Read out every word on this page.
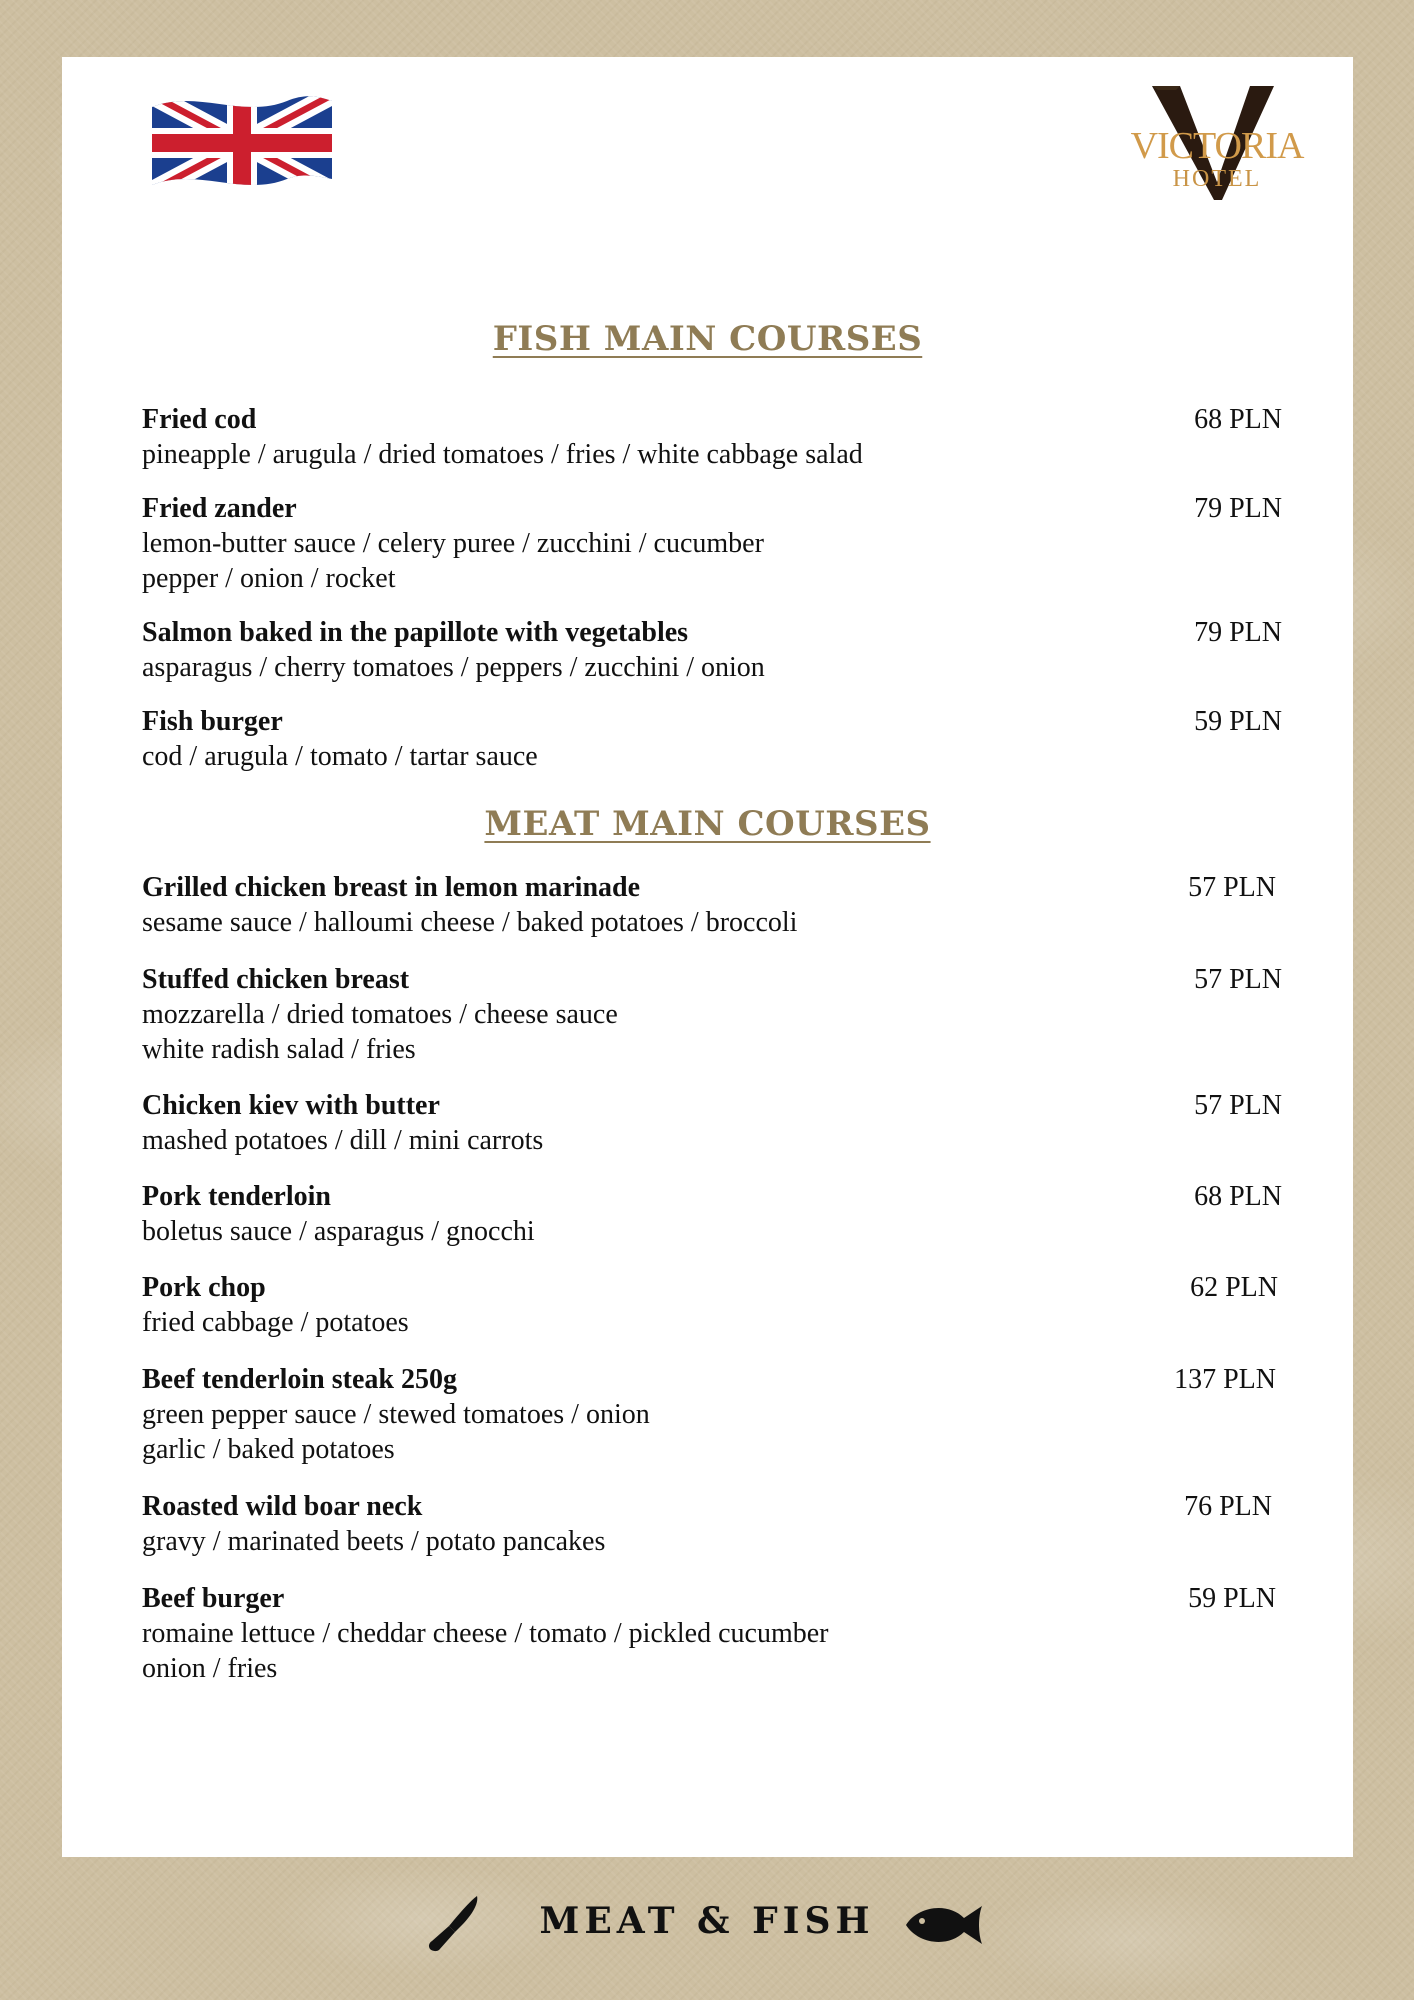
VICTORIA
HOTEL
FISH MAIN COURSES
Fried cod
pineapple / arugula / dried tomatoes / fries / white cabbage salad
68 PLN
Fried zander
lemon-butter sauce / celery puree / zucchini / cucumber
pepper / onion / rocket
79 PLN
Salmon baked in the papillote with vegetables
asparagus / cherry tomatoes / peppers / zucchini / onion
79 PLN
Fish burger
cod / arugula / tomato / tartar sauce
59 PLN
MEAT MAIN COURSES
Grilled chicken breast in lemon marinade
sesame sauce / halloumi cheese / baked potatoes / broccoli
57 PLN
Stuffed chicken breast
mozzarella / dried tomatoes / cheese sauce
white radish salad / fries
57 PLN
Chicken kiev with butter
mashed potatoes / dill / mini carrots
57 PLN
Pork tenderloin
boletus sauce / asparagus / gnocchi
68 PLN
Pork chop
fried cabbage / potatoes
62 PLN
Beef tenderloin steak 250g
green pepper sauce / stewed tomatoes / onion
garlic / baked potatoes
137 PLN
Roasted wild boar neck
gravy / marinated beets / potato pancakes
76 PLN
Beef burger
romaine lettuce / cheddar cheese / tomato / pickled cucumber
onion / fries
59 PLN
MEAT & FISH
